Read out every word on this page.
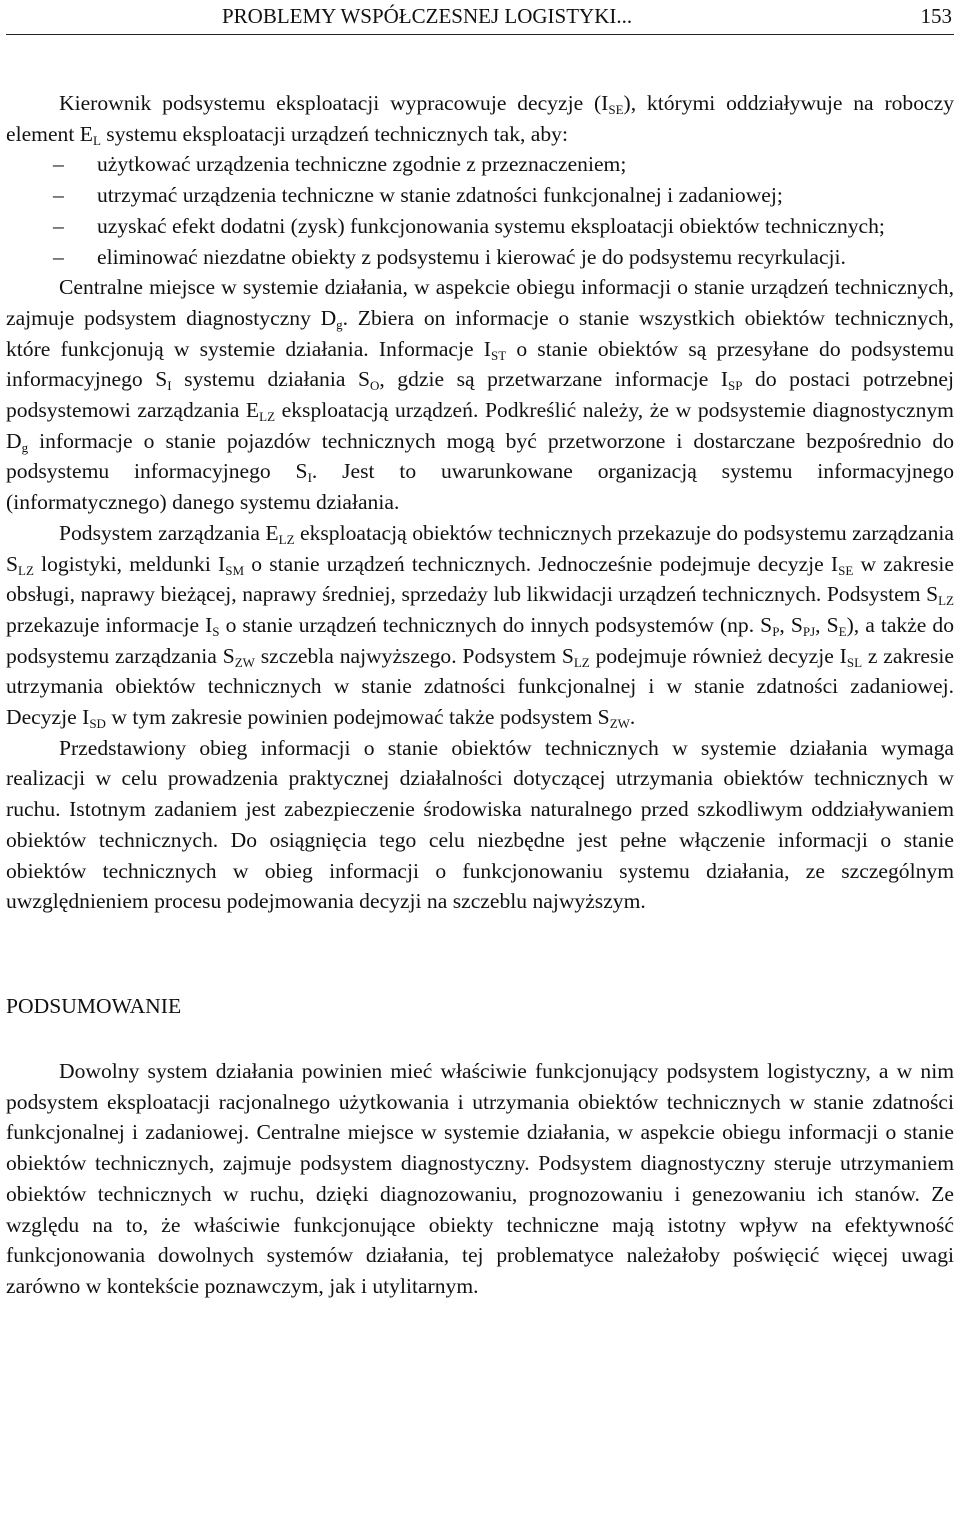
PROBLEMY WSPÓŁCZESNEJ LOGISTYKI...	153

Kierownik podsystemu eksploatacji wypracowuje decyzje $(I_{SE})$, którymi oddziaływuje na roboczy element $E_L$ systemu eksploatacji urządzeń technicznych tak, aby:

– użytkować urządzenia techniczne zgodnie z przeznaczeniem;

– utrzymać urządzenia techniczne w stanie zdatności funkcjonalnej i zadaniowej;

– uzyskać efekt dodatni (zysk) funkcjonowania systemu eksploatacji obiektów technicznych;

– eliminować niezdatne obiekty z podsystemu i kierować je do podsystemu recyrkulacji.

Centralne miejsce w systemie działania, w aspekcie obiegu informacji o stanie urządzeń technicznych, zajmuje podsystem diagnostyczny $D_g$. Zbiera on informacje o stanie wszystkich obiektów technicznych, które funkcjonują w systemie działania. Informacje $I_{ST}$ o stanie obiektów są przesyłane do podsystemu informacyjnego $S_I$ systemu działania $S_O$, gdzie są przetwarzane informacje $I_{SP}$ do postaci potrzebnej podsystemowi zarządzania $E_{LZ}$ eksploatacją urządzeń. Podkreślić należy, że w podsystemie diagnostycznym $D_g$ informacje o stanie pojazdów technicznych mogą być przetworzone i dostarczane bezpośrednio do podsystemu informacyjnego $S_I$. Jest to uwarunkowane organizacją systemu informacyjnego (informatycznego) danego systemu działania.

Podsystem zarządzania $E_{LZ}$ eksploatacją obiektów technicznych przekazuje do podsystemu zarządzania $S_{LZ}$ logistyki, meldunki $I_{SM}$ o stanie urządzeń technicznych. Jednocześnie podejmuje decyzje $I_{SE}$ w zakresie obsługi, naprawy bieżącej, naprawy średniej, sprzedaży lub likwidacji urządzeń technicznych. Podsystem $S_{LZ}$ przekazuje informacje $I_S$ o stanie urządzeń technicznych do innych podsystemów (np. $S_P$, $S_{PJ}$, $S_E$), a także do podsystemu zarządzania $S_{ZW}$ szczebla najwyższego. Podsystem $S_{LZ}$ podejmuje również decyzje $I_{SL}$ z zakresie utrzymania obiektów technicznych w stanie zdatności funkcjonalnej i w stanie zdatności zadaniowej. Decyzje $I_{SD}$ w tym zakresie powinien podejmować także podsystem $S_{ZW}$.

Przedstawiony obieg informacji o stanie obiektów technicznych w systemie działania wymaga realizacji w celu prowadzenia praktycznej działalności dotyczącej utrzymania obiektów technicznych w ruchu. Istotnym zadaniem jest zabezpieczenie środowiska naturalnego przed szkodliwym oddziaływaniem obiektów technicznych. Do osiągnięcia tego celu niezbędne jest pełne włączenie informacji o stanie obiektów technicznych w obieg informacji o funkcjonowaniu systemu działania, ze szczególnym uwzględnieniem procesu podejmowania decyzji na szczeblu najwyższym.

PODSUMOWANIE

Dowolny system działania powinien mieć właściwie funkcjonujący podsystem logistyczny, a w nim podsystem eksploatacji racjonalnego użytkowania i utrzymania obiektów technicznych w stanie zdatności funkcjonalnej i zadaniowej. Centralne miejsce w systemie działania, w aspekcie obiegu informacji o stanie obiektów technicznych, zajmuje podsystem diagnostyczny. Podsystem diagnostyczny steruje utrzymaniem obiektów technicznych w ruchu, dzięki diagnozowaniu, prognozowaniu i genezowaniu ich stanów. Ze względu na to, że właściwie funkcjonujące obiekty techniczne mają istotny wpływ na efektywność funkcjonowania dowolnych systemów działania, tej problematyce należałoby poświęcić więcej uwagi zarówno w kontekście poznawczym, jak i utylitarnym.
